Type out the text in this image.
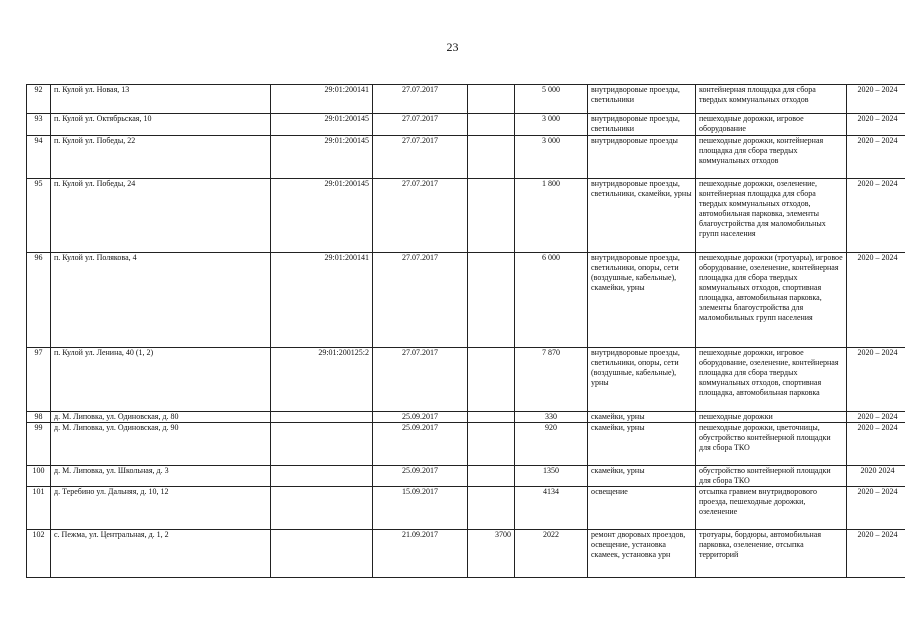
23
92	п. Кулой ул. Новая, 13	29:01:200141	27.07.2017		5 000	внутридворовые проезды, светильники	контейнерная площадка для сбора твердых коммунальных отходов	2020 – 2024
93	п. Кулой ул. Октябрьская, 10	29:01:200145	27.07.2017		3 000	внутридворовые проезды, светильники	пешеходные дорожки, игровое оборудование	2020 – 2024
94	п. Кулой ул. Победы, 22	29:01:200145	27.07.2017		3 000	внутридворовые проезды	пешеходные дорожки, контейнерная площадка для сбора твердых коммунальных отходов	2020 – 2024
95	п. Кулой ул. Победы, 24	29:01:200145	27.07.2017		1 800	внутридворовые проезды, светильники, скамейки, урны	пешеходные дорожки, озеленение, контейнерная площадка для сбора твердых коммунальных отходов, автомобильная парковка, элементы благоустройства для маломобильных групп населения	2020 – 2024
96	п. Кулой ул. Полякова, 4	29:01:200141	27.07.2017		6 000	внутридворовые проезды, светильники, опоры, сети (воздушные, кабельные), скамейки, урны	пешеходные дорожки (тротуары), игровое оборудование, озеленение, контейнерная площадка для сбора твердых коммунальных отходов, спортивная площадка, автомобильная парковка, элементы благоустройства для маломобильных групп населения	2020 – 2024
97	п. Кулой ул. Ленина, 40 (1, 2)	29:01:200125:2	27.07.2017		7 870	внутридворовые проезды, светильники, опоры, сети (воздушные, кабельные), урны	пешеходные дорожки, игровое оборудование, озеленение, контейнерная площадка для сбора твердых коммунальных отходов, спортивная площадка, автомобильная парковка	2020 – 2024
98	д. М. Липовка, ул. Одиновская, д. 80		25.09.2017		330	скамейки, урны	пешеходные дорожки	2020 – 2024
99	д. М. Липовка, ул. Одиновская, д. 90		25.09.2017		920	скамейки, урны	пешеходные дорожки, цветочницы, обустройство контейнерной площадки для сбора ТКО	2020 – 2024
100	д. М. Липовка, ул. Школьная, д. 3		25.09.2017		1350	скамейки, урны	обустройство контейнерной площадки для сбора ТКО	2020 2024
101	д. Теребино ул. Дальняя, д. 10, 12		15.09.2017		4134	освещение	отсыпка гравием внутридворового проезда, пешеходные дорожки, озеленение	2020 – 2024
102	с. Пежма, ул. Центральная, д. 1, 2		21.09.2017	3700	2022	ремонт дворовых проездов, освещение, установка скамеек, установка урн	тротуары, бордюры, автомобильная парковка, озеленение, отсыпка территорий	2020 – 2024
